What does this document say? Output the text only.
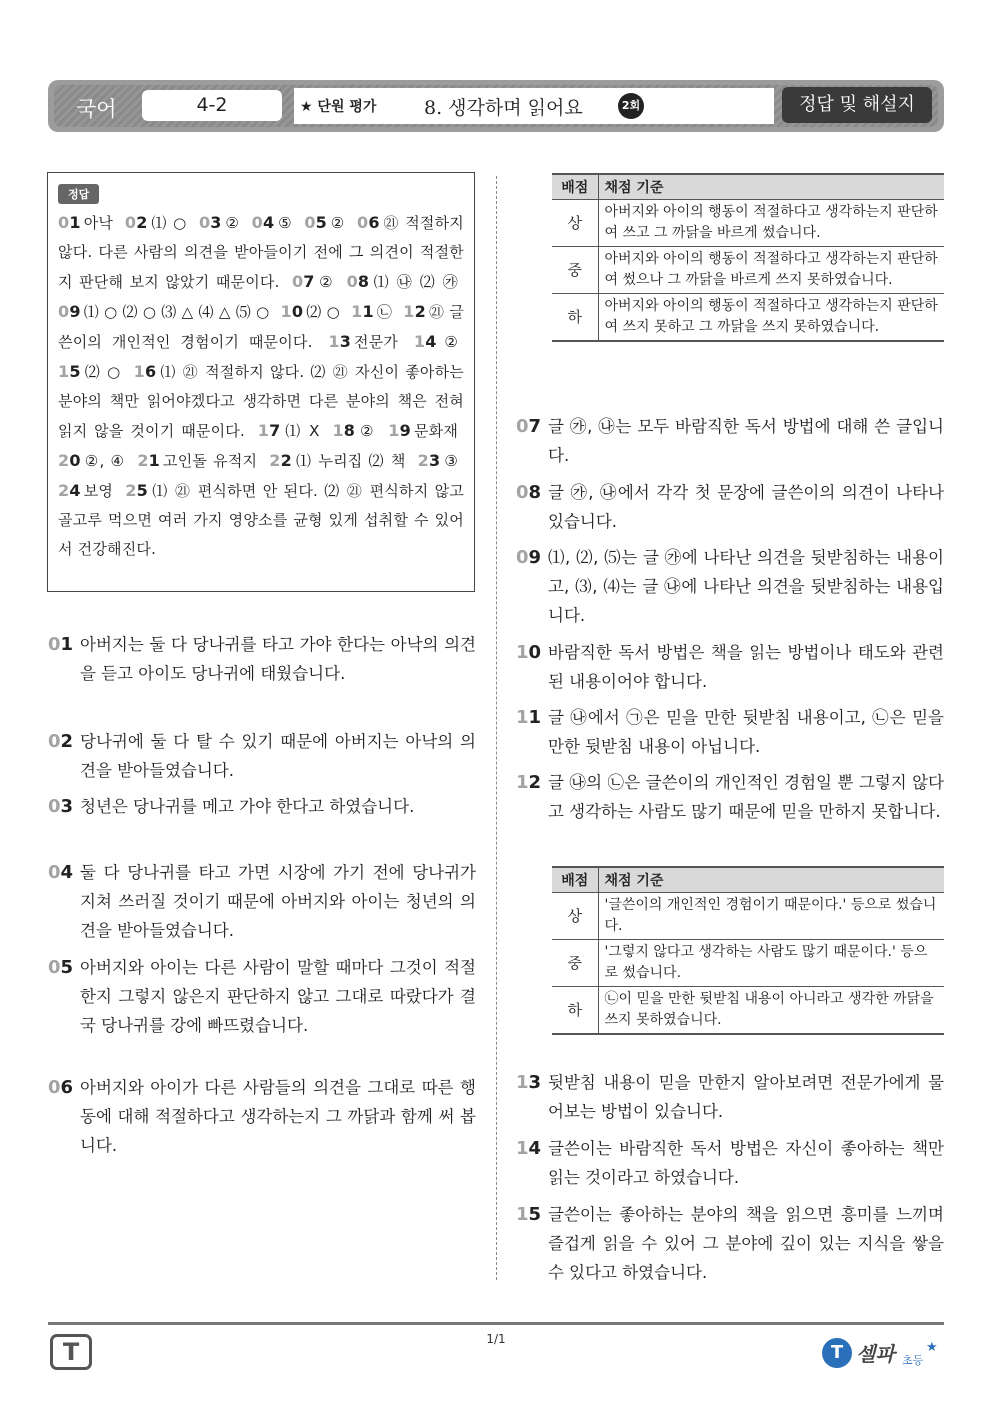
국어	4-2	★ 단원 평가	8. 생각하며 읽어요	2회	정답 및 해설지
정답
01 아낙 02 ⑴ ○ 03 ② 04 ⑤ 05 ② 06 ㉑ 적절하지 않다. 다른 사람의 의견을 받아들이기 전에 그 의견이 적절한지 판단해 보지 않았기 때문이다. 07 ② 08 ⑴ ㉯ ⑵ ㉮ 09 ⑴ ○ ⑵ ○ ⑶ △ ⑷ △ ⑸ ○ 10 ⑵ ○ 11 ㉡ 12 ㉑ 글쓴이의 개인적인 경험이기 때문이다. 13 전문가 14 ② 15 ⑵ ○ 16 ⑴ ㉑ 적절하지 않다. ⑵ ㉑ 자신이 좋아하는 분야의 책만 읽어야겠다고 생각하면 다른 분야의 책은 전혀 읽지 않을 것이기 때문이다. 17 ⑴ X 18 ② 19 문화재 20 ②, ④ 21 고인돌 유적지 22 ⑴ 누리집 ⑵ 책 23 ③ 24 보영 25 ⑴ ㉑ 편식하면 안 된다. ⑵ ㉑ 편식하지 않고 골고루 먹으면 여러 가지 영양소를 균형 있게 섭취할 수 있어서 건강해진다.
01 아버지는 둘 다 당나귀를 타고 가야 한다는 아낙의 의견을 듣고 아이도 당나귀에 태웠습니다.
02 당나귀에 둘 다 탈 수 있기 때문에 아버지는 아낙의 의견을 받아들였습니다.
03 청년은 당나귀를 메고 가야 한다고 하였습니다.
04 둘 다 당나귀를 타고 가면 시장에 가기 전에 당나귀가 지쳐 쓰러질 것이기 때문에 아버지와 아이는 청년의 의견을 받아들였습니다.
05 아버지와 아이는 다른 사람이 말할 때마다 그것이 적절한지 그렇지 않은지 판단하지 않고 그대로 따랐다가 결국 당나귀를 강에 빠뜨렸습니다.
06 아버지와 아이가 다른 사람들의 의견을 그대로 따른 행동에 대해 적절하다고 생각하는지 그 까닭과 함께 써 봅니다.
배점	채점 기준
상	아버지와 아이의 행동이 적절하다고 생각하는지 판단하여 쓰고 그 까닭을 바르게 썼습니다.
중	아버지와 아이의 행동이 적절하다고 생각하는지 판단하여 썼으나 그 까닭을 바르게 쓰지 못하였습니다.
하	아버지와 아이의 행동이 적절하다고 생각하는지 판단하여 쓰지 못하고 그 까닭을 쓰지 못하였습니다.
07 글 ㉮, ㉯는 모두 바람직한 독서 방법에 대해 쓴 글입니다.
08 글 ㉮, ㉯에서 각각 첫 문장에 글쓴이의 의견이 나타나 있습니다.
09 ⑴, ⑵, ⑸는 글 ㉮에 나타난 의견을 뒷받침하는 내용이고, ⑶, ⑷는 글 ㉯에 나타난 의견을 뒷받침하는 내용입니다.
10 바람직한 독서 방법은 책을 읽는 방법이나 태도와 관련된 내용이어야 합니다.
11 글 ㉯에서 ㉠은 믿을 만한 뒷받침 내용이고, ㉡은 믿을 만한 뒷받침 내용이 아닙니다.
12 글 ㉯의 ㉡은 글쓴이의 개인적인 경험일 뿐 그렇지 않다고 생각하는 사람도 많기 때문에 믿을 만하지 못합니다.
배점	채점 기준
상	'글쓴이의 개인적인 경험이기 때문이다.' 등으로 썼습니다.
중	'그렇지 않다고 생각하는 사람도 많기 때문이다.' 등으로 썼습니다.
하	㉡이 믿을 만한 뒷받침 내용이 아니라고 생각한 까닭을 쓰지 못하였습니다.
13 뒷받침 내용이 믿을 만한지 알아보려면 전문가에게 물어보는 방법이 있습니다.
14 글쓴이는 바람직한 독서 방법은 자신이 좋아하는 책만 읽는 것이라고 하였습니다.
15 글쓴이는 좋아하는 분야의 책을 읽으면 흥미를 느끼며 즐겁게 읽을 수 있어 그 분야에 깊이 있는 지식을 쌓을 수 있다고 하였습니다.
T	1/1
T 셀파 초등
★
